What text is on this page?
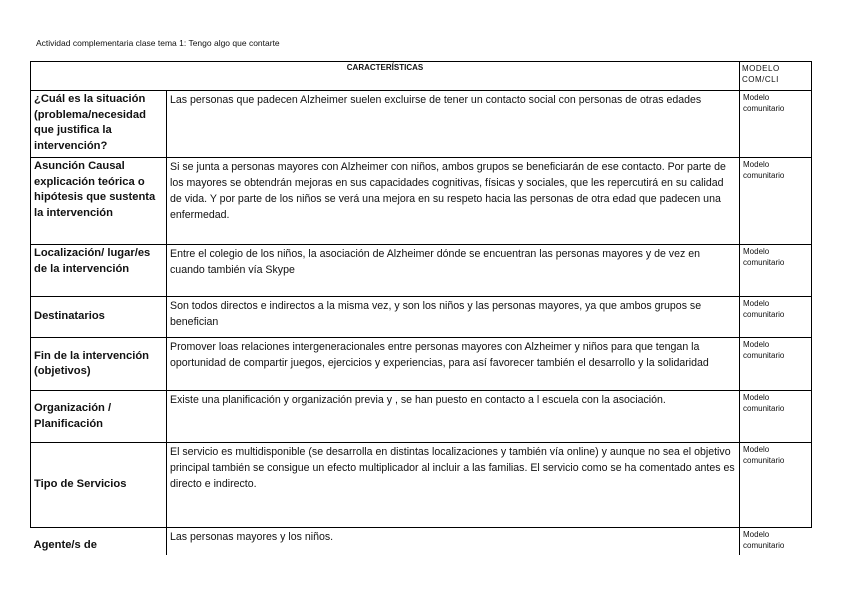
Actividad complementaria clase tema 1: Tengo algo que contarte
CARACTERÍSTICAS		MODELO COM/CLI
¿Cuál es la situación (problema/necesidad que justifica la intervención?	Las personas que padecen Alzheimer suelen excluirse de tener un contacto social con personas de otras edades	Modelo comunitario
Asunción Causal explicación teórica o hipótesis que sustenta la intervención	Si se junta a personas mayores con Alzheimer con niños, ambos grupos se beneficiarán de ese contacto. Por parte de los mayores se obtendrán mejoras en sus capacidades cognitivas, físicas y sociales, que les repercutirá en su calidad de vida. Y por parte de los niños se verá una mejora en su respeto hacia las personas de otra edad que padecen una enfermedad.	Modelo comunitario
Localización/ lugar/es de la intervención	Entre el colegio de los niños, la asociación de Alzheimer dónde se encuentran las personas mayores y de vez en cuando también vía Skype	Modelo comunitario
Destinatarios	Son todos directos e indirectos a la misma vez, y son los niños y las personas mayores, ya que ambos grupos se benefician	Modelo comunitario
Fin de la intervención (objetivos)	Promover loas relaciones intergeneracionales entre personas mayores con Alzheimer y niños para que tengan la oportunidad de compartir juegos, ejercicios y experiencias, para así favorecer también el desarrollo y la solidaridad	Modelo comunitario
Organización / Planificación	Existe una planificación y organización previa y , se han puesto en contacto a l escuela con la asociación.	Modelo comunitario
Tipo de Servicios	El servicio es multidisponible (se desarrolla en distintas localizaciones y también vía online) y aunque no sea el objetivo principal también se consigue un efecto multiplicador al incluir a las familias. El servicio como se ha comentado antes es directo e indirecto.	Modelo comunitario
Agente/s de	Las personas mayores y los niños.	Modelo comunitario
